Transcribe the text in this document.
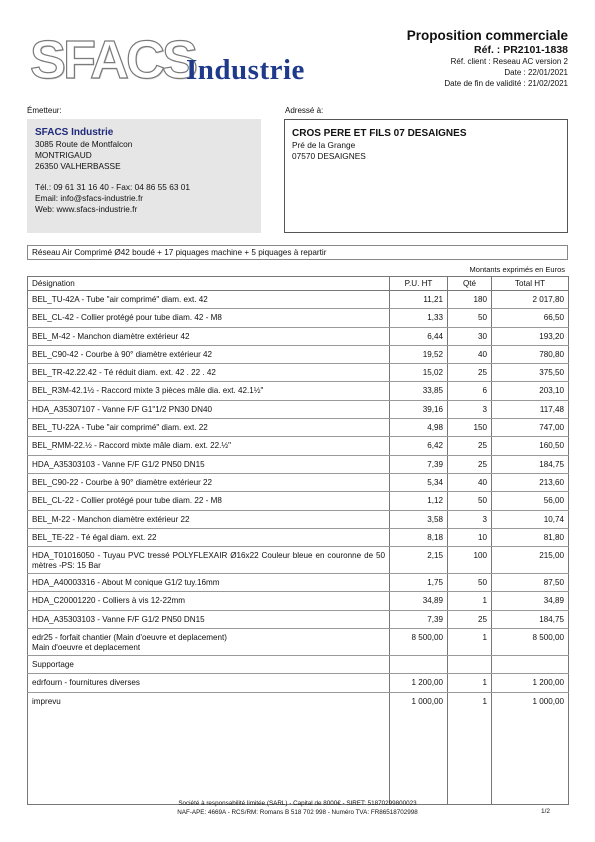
SFACS
Industrie
Proposition commerciale
Réf. : PR2101-1838
Réf. client : Reseau AC version 2
Date : 22/01/2021
Date de fin de validité : 21/02/2021
Émetteur:
SFACS Industrie
3085 Route de Montfalcon
MONTRIGAUD
26350 VALHERBASSE
Tél.: 09 61 31 16 40 - Fax: 04 86 55 63 01
Email: info@sfacs-industrie.fr
Web: www.sfacs-industrie.fr
Adressé à:
CROS PERE ET FILS 07 DESAIGNES
Pré de la Grange
07570 DESAIGNES
Réseau Air Comprimé Ø42 boudé + 17 piquages machine + 5 piquages à repartir
Montants exprimés en Euros
Désignation	P.U. HT	Qté	Total HT
BEL_TU-42A - Tube "air comprimé" diam. ext. 42	11,21	180	2 017,80
BEL_CL-42 - Collier protégé pour tube diam. 42 - M8	1,33	50	66,50
BEL_M-42 - Manchon diamètre extérieur 42	6,44	30	193,20
BEL_C90-42 - Courbe à 90° diamètre extérieur 42	19,52	40	780,80
BEL_TR-42.22.42 - Té réduit diam. ext. 42 . 22 . 42	15,02	25	375,50
BEL_R3M-42.1½ - Raccord mixte 3 pièces mâle dia. ext. 42.1½"	33,85	6	203,10
HDA_A35307107 - Vanne F/F G1"1/2 PN30 DN40	39,16	3	117,48
BEL_TU-22A - Tube "air comprimé" diam. ext. 22	4,98	150	747,00
BEL_RMM-22.½ - Raccord mixte mâle diam. ext. 22.½"	6,42	25	160,50
HDA_A35303103 - Vanne F/F G1/2 PN50 DN15	7,39	25	184,75
BEL_C90-22 - Courbe à 90° diamètre extérieur 22	5,34	40	213,60
BEL_CL-22 - Collier protégé pour tube diam. 22 - M8	1,12	50	56,00
BEL_M-22 - Manchon diamètre extérieur 22	3,58	3	10,74
BEL_TE-22 - Té égal diam. ext. 22	8,18	10	81,80
HDA_T01016050 - Tuyau PVC tressé POLYFLEXAIR Ø16x22 Couleur bleue en couronne de 50 mètres -PS: 15 Bar	2,15	100	215,00
HDA_A40003316 - About M conique G1/2 tuy.16mm	1,75	50	87,50
HDA_C20001220 - Colliers à vis 12-22mm	34,89	1	34,89
HDA_A35303103 - Vanne F/F G1/2 PN50 DN15	7,39	25	184,75

edr25 - forfait chantier (Main d'oeuvre et deplacement)
Main d'oeuvre et deplacement	8 500,00	1	8 500,00
Supportage			
edrfourn - fournitures diverses	1 200,00	1	1 200,00
imprevu	1 000,00	1	1 000,00
Société à responsabilité limitée (SARL) - Capital de 8000€ - SIRET: 51870299800023
NAF-APE: 4669A - RCS/RM: Romans B 518 702 998 - Numéro TVA: FR86518702998	1/2
